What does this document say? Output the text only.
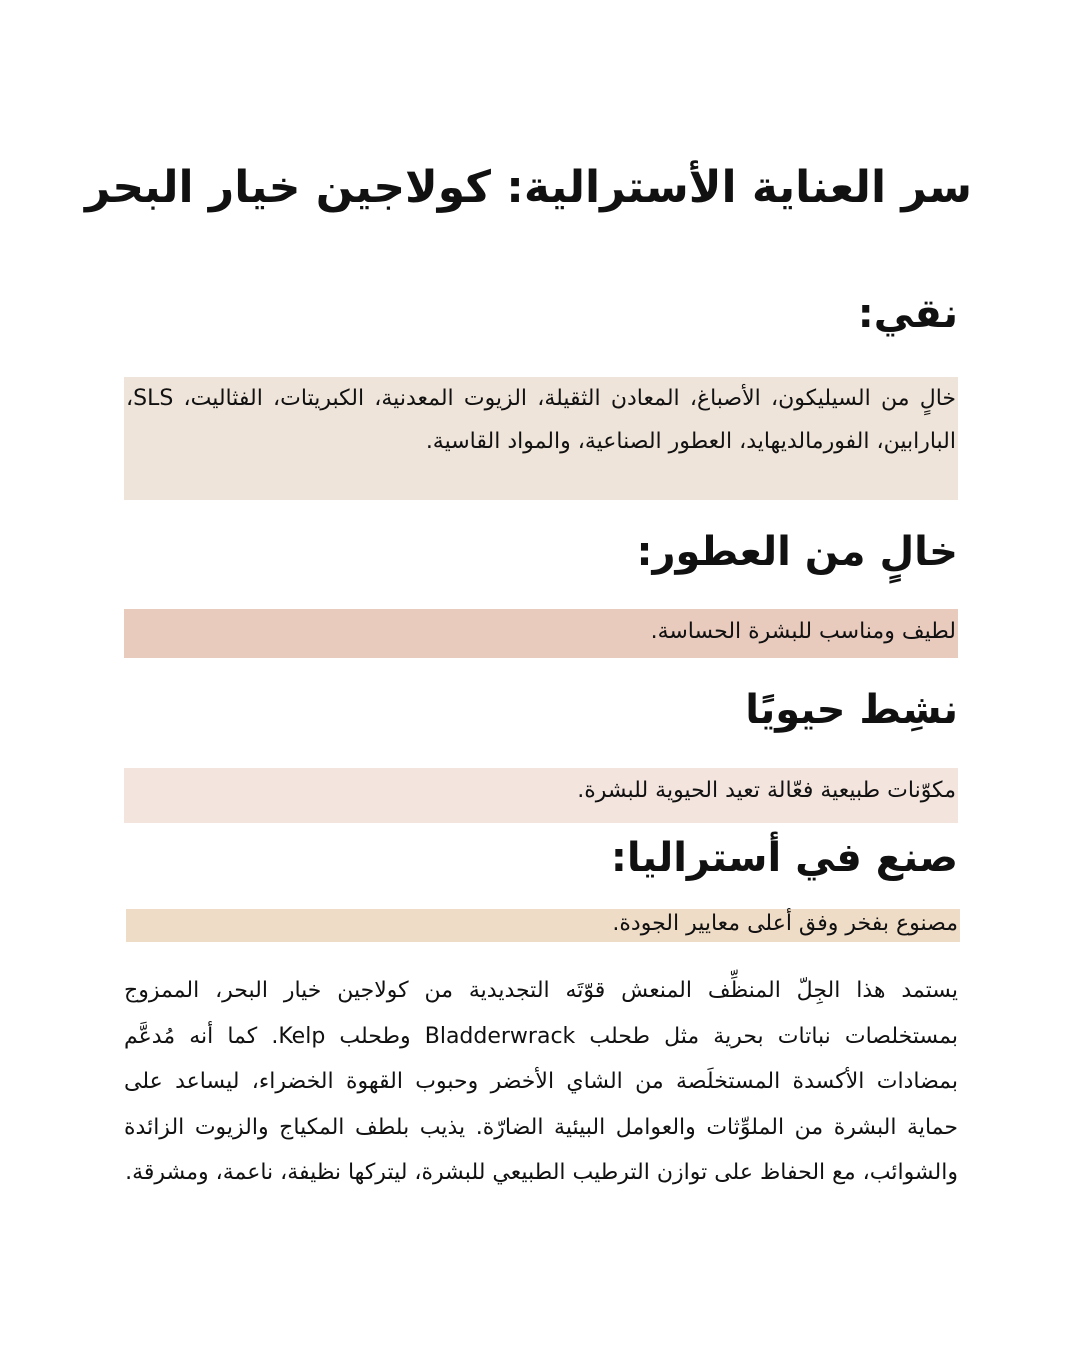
سر العناية الأسترالية: كولاجين خيار البحر
نقي:
خالٍ من السيليكون، الأصباغ، المعادن الثقيلة، الزيوت المعدنية، الكبريتات، الفثاليت، SLS، البارابين، الفورمالديهايد، العطور الصناعية، والمواد القاسية.
خالٍ من العطور:
لطيف ومناسب للبشرة الحساسة.
نشِط حيويًا
مكوّنات طبيعية فعّالة تعيد الحيوية للبشرة.
صنع في أستراليا:
مصنوع بفخر وفق أعلى معايير الجودة.

يستمد هذا الجِلّ المنظِّف المنعش قوّتَه التجديدية من كولاجين خيار البحر، الممزوج بمستخلصات نباتات بحرية مثل طحلب Bladderwrack وطحلب Kelp. كما أنه مُدعَّم بمضادات الأكسدة المستخلَصة من الشاي الأخضر وحبوب القهوة الخضراء، ليساعد على حماية البشرة من الملوِّثات والعوامل البيئية الضارّة. يذيب بلطف المكياج والزيوت الزائدة والشوائب، مع الحفاظ على توازن الترطيب الطبيعي للبشرة، ليتركها نظيفة، ناعمة، ومشرقة.
